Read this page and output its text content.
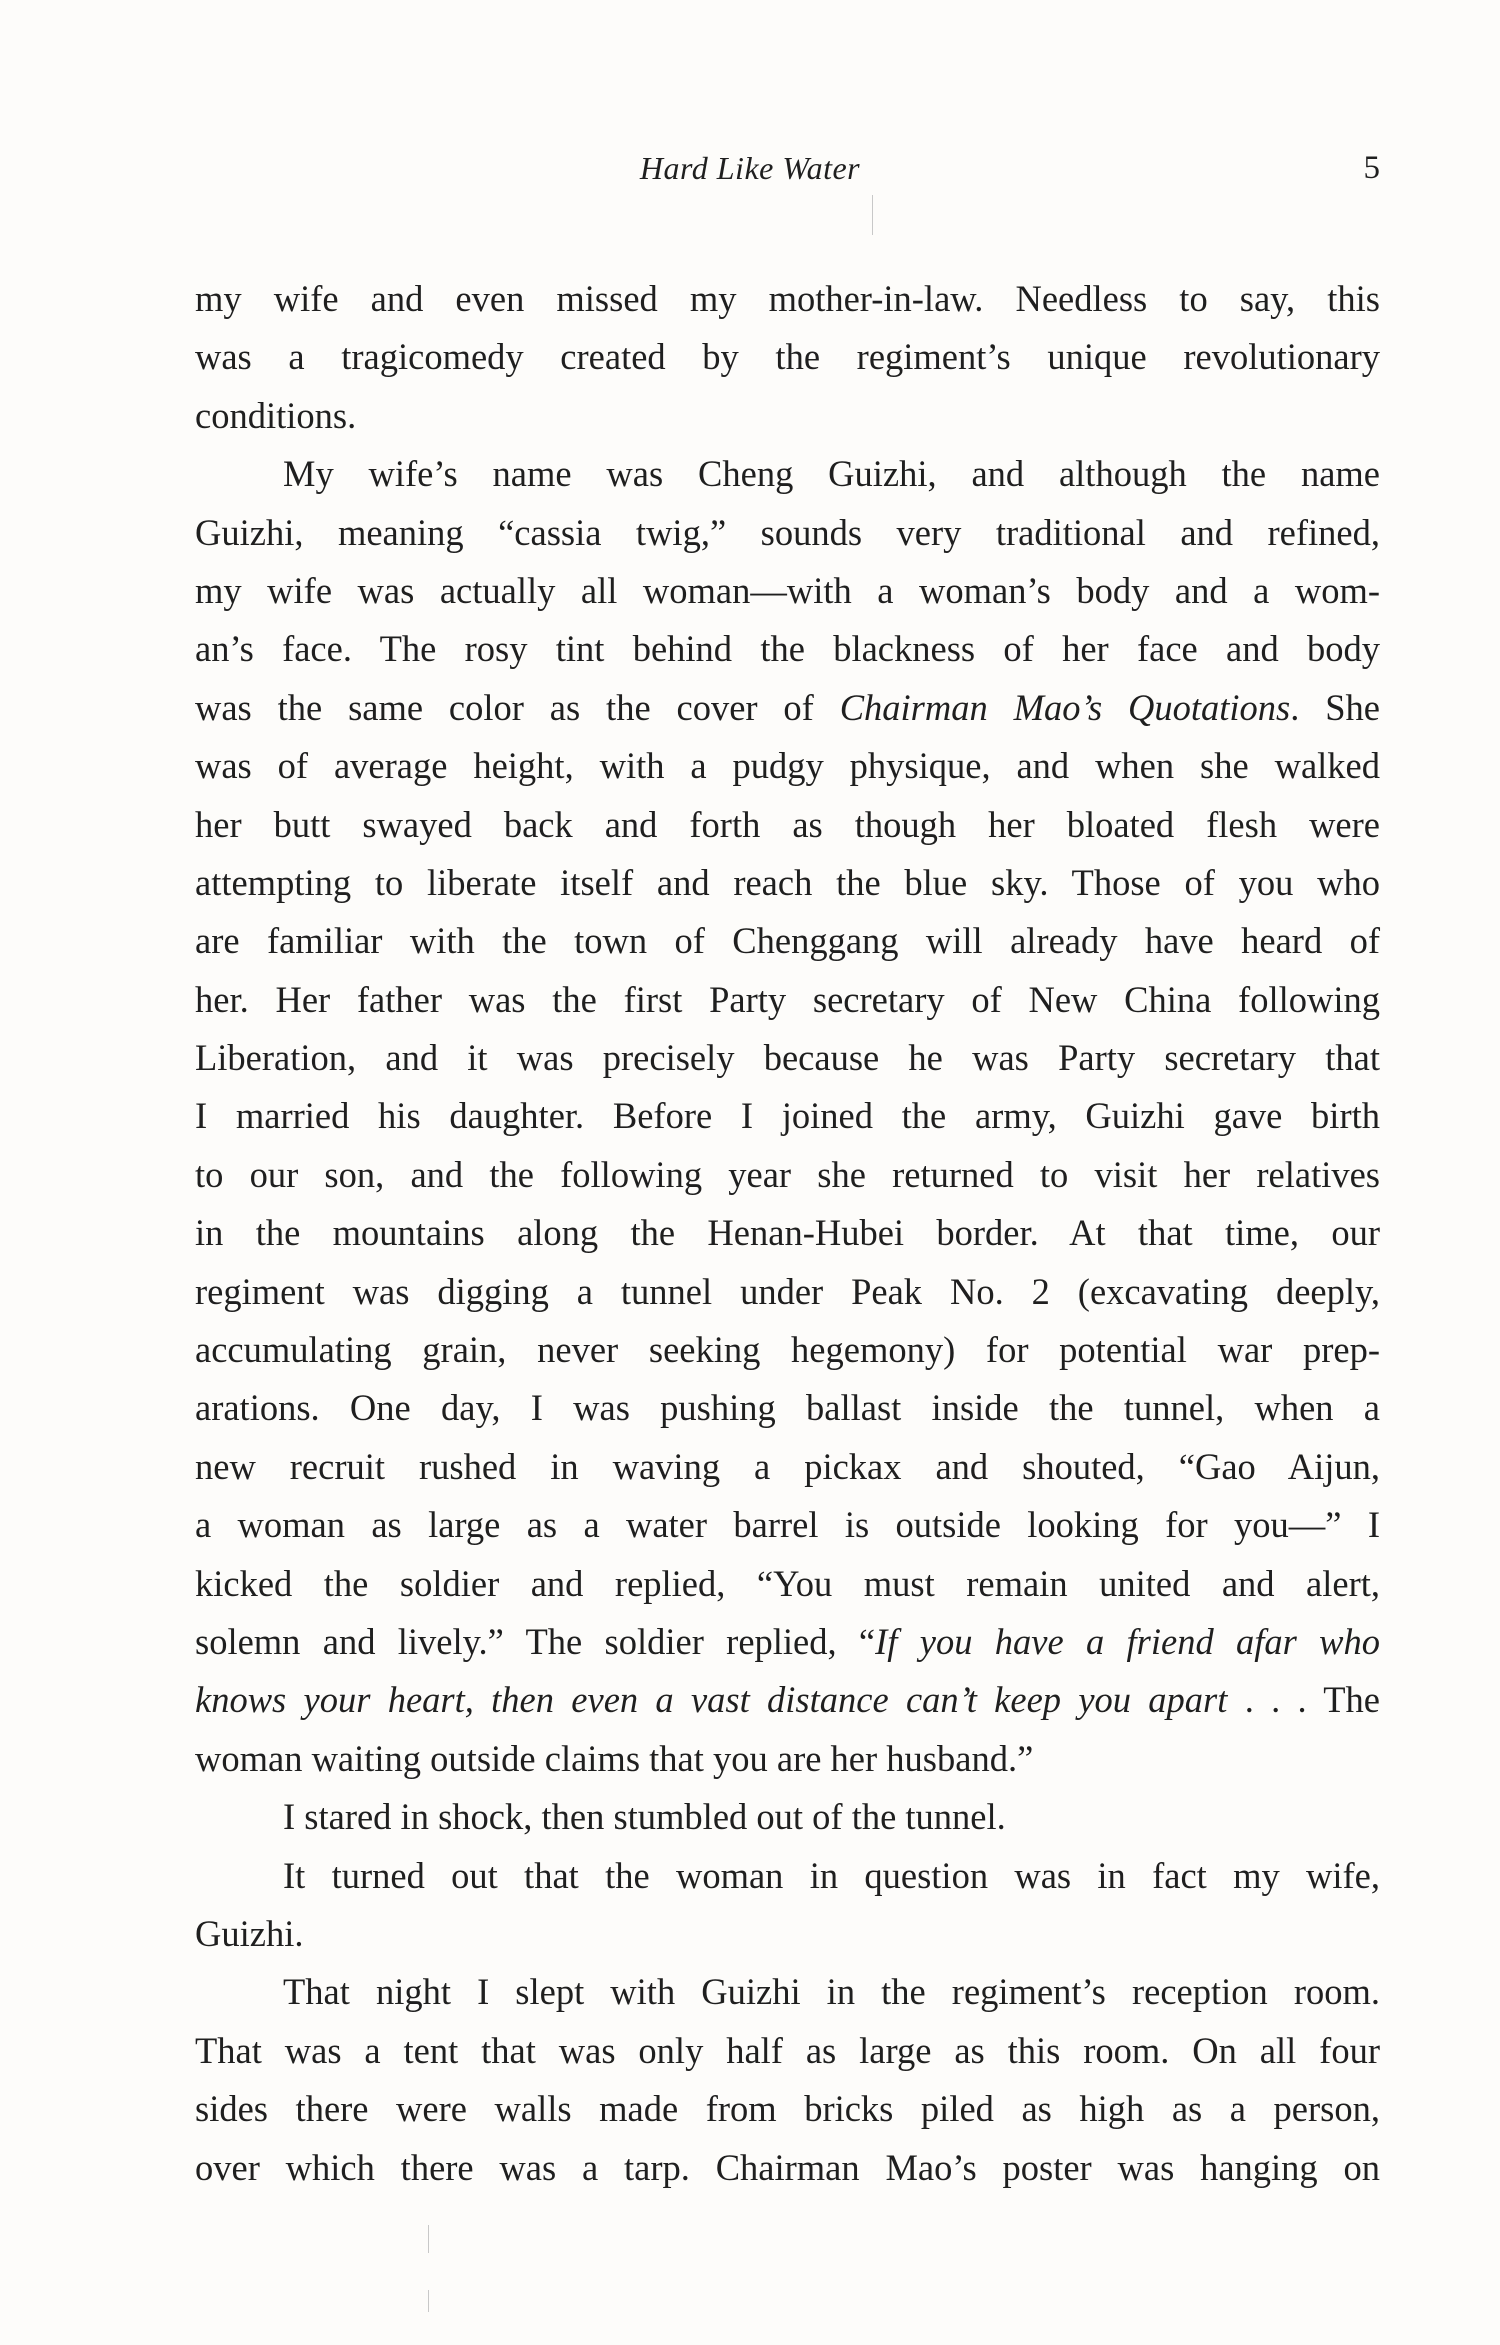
Hard Like Water	5
my wife and even missed my mother-in-law. Needless to say, this
was a tragicomedy created by the regiment’s unique revolutionary
conditions.
My wife’s name was Cheng Guizhi, and although the name
Guizhi, meaning “cassia twig,” sounds very traditional and refined,
my wife was actually all woman—with a woman’s body and a wom-
an’s face. The rosy tint behind the blackness of her face and body
was the same color as the cover of Chairman Mao’s Quotations. She
was of average height, with a pudgy physique, and when she walked
her butt swayed back and forth as though her bloated flesh were
attempting to liberate itself and reach the blue sky. Those of you who
are familiar with the town of Chenggang will already have heard of
her. Her father was the first Party secretary of New China following
Liberation, and it was precisely because he was Party secretary that
I married his daughter. Before I joined the army, Guizhi gave birth
to our son, and the following year she returned to visit her relatives
in the mountains along the Henan-Hubei border. At that time, our
regiment was digging a tunnel under Peak No. 2 (excavating deeply,
accumulating grain, never seeking hegemony) for potential war prep-
arations. One day, I was pushing ballast inside the tunnel, when a
new recruit rushed in waving a pickax and shouted, “Gao Aijun,
a woman as large as a water barrel is outside looking for you—” I
kicked the soldier and replied, “You must remain united and alert,
solemn and lively.” The soldier replied, “If you have a friend afar who
knows your heart, then even a vast distance can’t keep you apart . . . The
woman waiting outside claims that you are her husband.”
I stared in shock, then stumbled out of the tunnel.
It turned out that the woman in question was in fact my wife,
Guizhi.
That night I slept with Guizhi in the regiment’s reception room.
That was a tent that was only half as large as this room. On all four
sides there were walls made from bricks piled as high as a person,
over which there was a tarp. Chairman Mao’s poster was hanging on
